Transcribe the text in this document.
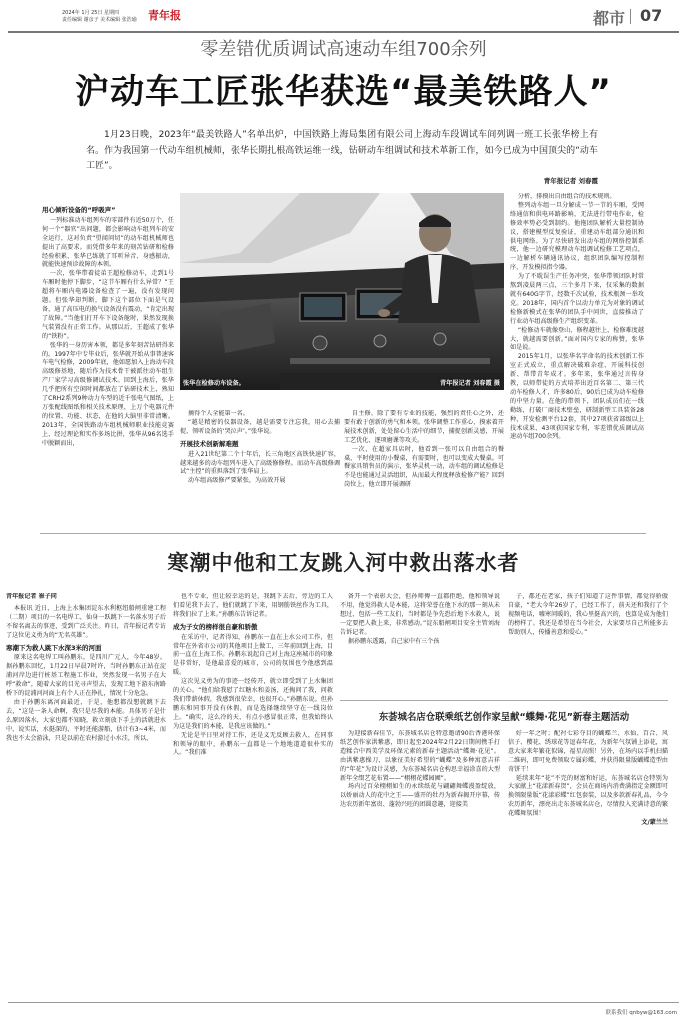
2024年 1月 25日 星期四
责任编辑 谢彦子 美术编辑 张浩瑜 青年报	都市 07
零差错优质调试高速动车组700余列
沪动车工匠张华获选“最美铁路人”
1月23日晚，2023年“最美铁路人”名单出炉，中国铁路上海局集团有限公司上海动车段调试车间列调一班工长张华榜上有名。作为我国第一代动车组机械师，张华长期扎根高铁运维一线，钻研动车组调试和技术革新工作，如今已成为中国顶尖的“动车工匠”。
青年报记者 刘春霞
张华在检修动车设备。	青年报记者 刘春霞 摄

用心倾听设备的“呼吸声”

一列标准动车组列车的零部件有近50万个，任何一个“器官”出问题，都会影响动车组列车的安全运行，这对负责“望闻问切”的动车组机械师也提出了高要求。而凭借多年来的刻苦钻研和检修经验积累，张华已练就了耳听异音、身感振动，就能快速预诊故障的本领。

一次，张华带着徒弟王超检修动车，走到1号车厢时他停下脚步，“这节车厢有什么异常？”王超将车厢内电器设备检查了一遍，没有发现问题。但张华却判断，脚下这个部位下面是气设备，通了高压电的换气设备没有震动，“肯定出现了故障。”当他们打开车下设备舱时，果然发现换气装置没有正常工作。从那以后，王超成了张华的“铁粉”。

张华的一身历害本领，都是多年刻苦钻研得来的。1997年中专毕业后，张华就开始从事普速客车电气检修，2009年底，他如愿加入上海动车段高级修基地，随后作为技术骨干被派往动车组生产厂家学习高级修调试技术。回到上海后，张华几乎把所有空闲时间都放在了钻研技术上，熟知了CRH2系列9种动力车型的近千张电气图纸，上万张配线图纸和相关技术原理，上万个电器元件的位置、功能、状态，在他的大脑里非常清晰。2013年，全国铁路动车组机械师职业技能竞赛上，经过理论和实作多场比拼，张华从96名选手中脱颖而出，

摘得个人全能第一名。

“越是精密的仪器设备，越是需要专注忘我，用心去捕捉、领听设备的‘哭泣声’。”张华说。

开展技术创新解难题

进入21世纪第二个十年后，长三角地区高铁快速扩容，越来越多的动车组列车进入了高级修修程。而动车高级修调试“主控”的重担落到了张华肩上。

动车组高级修严要紧张，为高效开展

自主修，除了要有专业的技能，强烈的责任心之外，还要有敢于创新的勇气和本领。张华调整工作重心，摸索着开展技术创新，处处留心生活中的细节，捕捉创新灵感，开展工艺优化、逐项磨课等攻关。

一次，在超家具店时，他看到一张可以自由组合的餐桌，平时使用的小餐桌，有需要时，也可以变成大餐桌。可餐家具销售员的演示，张华灵机一动，动车组的调试检修是不是也能通过灵活组织，从而最大程度释放检修产能？回到岗位上，他立即开展调研

分析，排摸出自由组合的技术规则。

整列动车组一旦分解成一节一节的车厢，受网络通信和供电环路影响，无法进行带电作业，检修效率势必受到制约。他拖团队解析大量控制协议，搭建模型反复验证，重建动车组部分通讯和供电网络。为了尽快研发出动车组的网络控制系统，他一边研究模理动车组调试检修工艺项点，一边解析车辆通讯协议，组织团队编写控制程序，开发模拟指令器。

为了不耽误生产任务冲突，张华带领团队时常熬到凌晨两三点，三个多月下来，仅采集的数据就有640G字节，经数千次试验，技术瓶颈一举攻克。2018年，国内首个以动力单元为对象的调试检修新模式在张华的团队手中问世，直接推动了行业动车组高级修生产组织变革。

“检修动车就像登山，修程越往上，检修难度越大，就越需要创新。”面对国内专家的称赞，张华如是说。

2015年1月，以张华名字命名的技术创新工作室正式成立，重点解决破难杂症、开展科技创新、帮带青年成才。多年来，张华通过言传身教，以师带徒的方式培养出近百名第二、第三代动车检修人才，许多80后、90后已成为动车检修的中坚力量。在他的带领下，团队成员们在一线勤练，打破厂商技术壁垒，研制新型工具装备28种，开发检测平台12套，其中27项获省部级以上技术成果、43项获国家专利，零差错优质调试高速动车组700余列。

寒潮中他和工友跳入河中救出落水者

青年报记者 崔子同

本报讯 近日，上海上水集团淀东水利枢纽船闸重建工程（二期）项目的一名电焊工，仙身一跃跳下一名落水男子后不留名离去的事迹，受到广泛关注。昨日，青年报记者专访了这位见义勇为的“无名英雄”。

寒潮下为救人跳下水深3米的河面

原来这名电焊工叫孙鹏东，是四川广元人，今年48岁。据孙鹏东回忆，1月22日早晨7时许，当时孙鹏东正站在淀浦河岸边进行桩基工程施工作业，突然发现一名男子在大呼“救命”，随着大家的目光寻声望去，发现工地下游东南路桥下的淀浦河河面上有个人正在挣扎，情况十分危急。

由于孙鹏东离河面最近，于是，他想都没想就跳下去去，“这是一条人命啊，我只是尽我的本能。具体男子是什么原因落水，大家也都不知晓，救立刻放下手上的活就进水中，说实话，水挺深的，平时还能游船，估计有3~4米，而我也不太会游泳，只是以前在农村游过小水洼，所以，

也不专业，但让较幸运的是，我跳下去后，旁边的工人们看见我下去了，他们就跳了下来，用钢筋铁丝作为工具，将我们拉了上来。”孙鹏东告诉记者。

成为子女的榜样很自豪和骄傲

在采访中，记者得知，孙鹏东一直在上水公司工作，但常年在外省市公司的其他项目上做工，三年前回到上海，目前一直在上海工作。孙鹏东说起自己对上海这座城市的印象是非常好，是他最喜爱的城市，公司的氛围也令他感到温暖。

这次见义勇为的事迹一经传开，就立即受到了上水集团的关心。“他们给我慰了红糖水和姜汤，还掏问了我，问救我们带薪休假，我感到很荣幸，也很开心。”孙鹏东说。但孙鹏东和同事开没有休假，而是选择继续坚守在一线岗位上。“确实，这么冷的天，有点小感冒很正常，但我始终认为这是我们的本能，是我应该做的。”

无论是平日里对待工作，还是义无反顾去救人，在同事和领导的眼中，孙鹏东一直都是一个地地道道很朴实的人。“我们准

备开一个表彰大会，但孙师傅一直都拒绝，他和领导说不用，他觉得救人是本能，这将荣誉在他下水的那一刻从未想过，包括一些工友们，当时都是争先恐后地下水救人，说一定要把人救上来，非常感动。”淀东船闸项目安全主管刘海告诉记者。

据孙鹏东透露，自己家中有三个孩

子，都还在老家，孩子们知道了这件事情，都觉得骄傲自豪，“老大今年26岁了，已经工作了，前天还和我打了个视频电话，嘘寒问暖的，我心里挺高兴的，也算是成为他们的榜样了。我还是希望在当今社会，大家要尽自己所能多去帮助别人，传播善意和爱心。”

东荟城名店仓联乘纸艺创作家呈献“蝶舞·花见”新春主题活动

为迎接新春佳节，东荟城名店仓特意邀请90后香港环保纸艺创作家洪紫惠，即日起至2024年2月22日期间携手打造糅合中西美学及环保元素的新春主题活动“蝶舞·花见”。由洪紫惠操刀，以象征美好希望的“蝴蝶”及多种寓意吉祥的“年花”为设计灵感，为东荟城名店仓构思幸福涂喜的大型新年全缀艺花布置——“栩栩花蝶园圃”。

场内过百朵栩栩如生的永续纸花与翩翩舞蝶漫盈绽放，以娇丽动人的花中之王——盛开的牡丹为新春揭开序幕，传达农历新年富贵、蓬勃兴旺的团圆意趣，迎接美

好一年之时；配衬七彩夺目的蝴蝶兰、水仙、百合、风信子、樱花、绣球花等逗春年花，为新年气氛铺上添花，寓意大家来年繁花似锦，福星高照！另外，在场内以手机扫描二维码，即可免费领取专属彩蝶，并获得限量版蝴蝶造型由奇饼干！

延续来年“花”不完的财富和好运，东荟城名店仓特别为大家献上“花漾新春贺”，会员在商场内消费满指定金额即可换领限量版“花漾彩蝶”红包套装，以及多款新春礼品，今今农历新年，漂亮出走东荟城名店仓，尽情投入充满诗意的繁花蝶舞氛围！

文/蒙兰兰

联系我们 qnbyw@163.com
